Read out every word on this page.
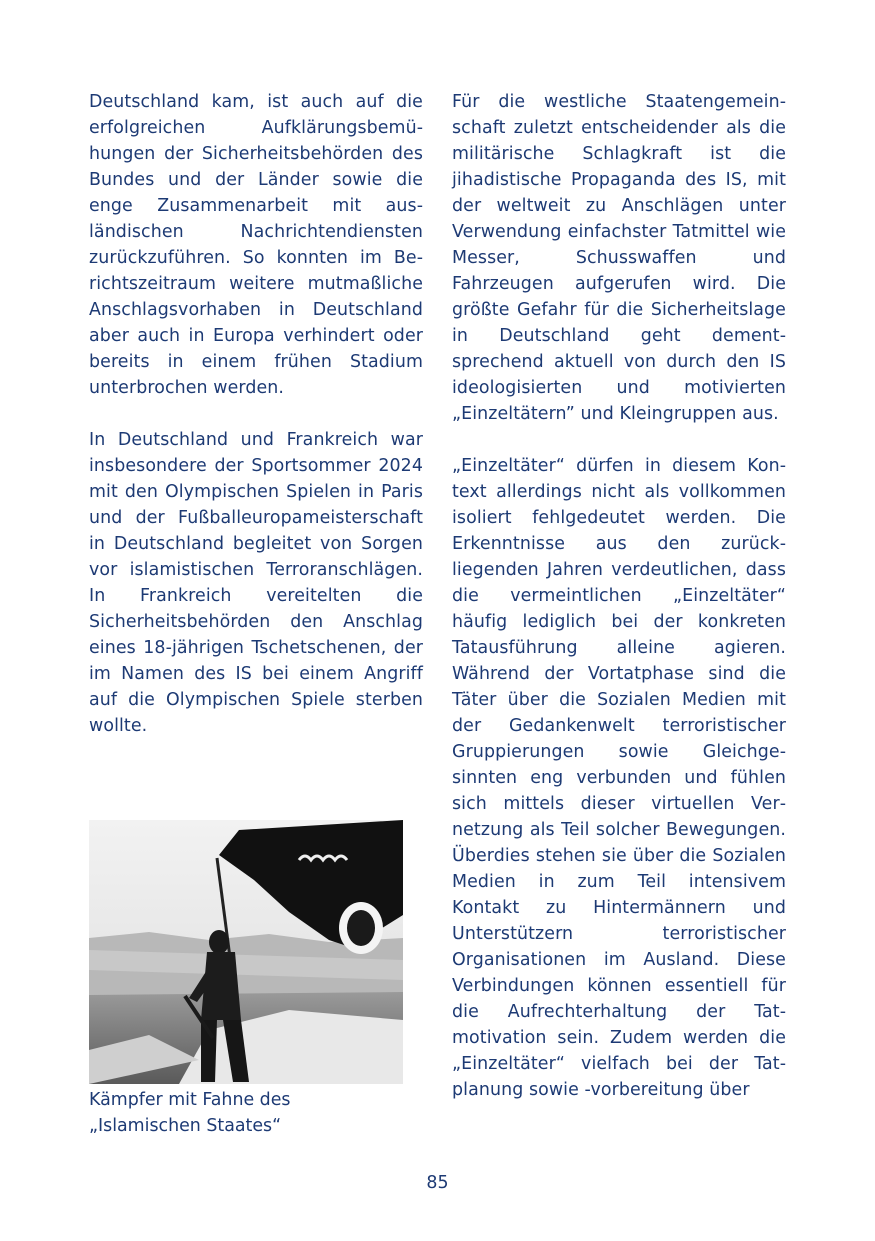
Deutschland kam, ist auch auf die erfolgreichen Aufklärungsbemühungen der Sicherheitsbehörden des Bundes und der Länder sowie die enge Zusammenarbeit mit ausländischen Nachrichtendiensten zurückzuführen. So konnten im Berichtszeitraum weitere mutmaßliche Anschlagsvorhaben in Deutschland aber auch in Europa verhindert oder bereits in einem frühen Stadium unterbrochen werden.

In Deutschland und Frankreich war insbesondere der Sportsommer 2024 mit den Olympischen Spielen in Paris und der Fußballeuropameisterschaft in Deutschland begleitet von Sorgen vor islamistischen Terroranschlägen. In Frankreich vereitelten die Sicherheitsbehörden den Anschlag eines 18-jährigen Tschetschenen, der im Namen des IS bei einem Angriff auf die Olympischen Spiele sterben wollte.

Kämpfer mit Fahne des
„Islamischen Staates“

Für die westliche Staatengemeinschaft zuletzt entscheidender als die militärische Schlagkraft ist die jihadistische Propaganda des IS, mit der weltweit zu Anschlägen unter Verwendung einfachster Tatmittel wie Messer, Schusswaffen und Fahrzeugen aufgerufen wird. Die größte Gefahr für die Sicherheitslage in Deutschland geht dementsprechend aktuell von durch den IS ideologisierten und motivierten „Einzeltätern” und Kleingruppen aus.

„Einzeltäter“ dürfen in diesem Kontext allerdings nicht als vollkommen isoliert fehlgedeutet werden. Die Erkenntnisse aus den zurückliegenden Jahren verdeutlichen, dass die vermeintlichen „Einzeltäter“ häufig lediglich bei der konkreten Tatausführung alleine agieren. Während der Vortatphase sind die Täter über die Sozialen Medien mit der Gedankenwelt terroristischer Gruppierungen sowie Gleichgesinnten eng verbunden und fühlen sich mittels dieser virtuellen Vernetzung als Teil solcher Bewegungen. Überdies stehen sie über die Sozialen Medien in zum Teil intensivem Kontakt zu Hintermännern und Unterstützern terroristischer Organisationen im Ausland. Diese Verbindungen können essentiell für die Aufrechterhaltung der Tatmotivation sein. Zudem werden die „Einzeltäter“ vielfach bei der Tatplanung sowie -vorbereitung über

85
